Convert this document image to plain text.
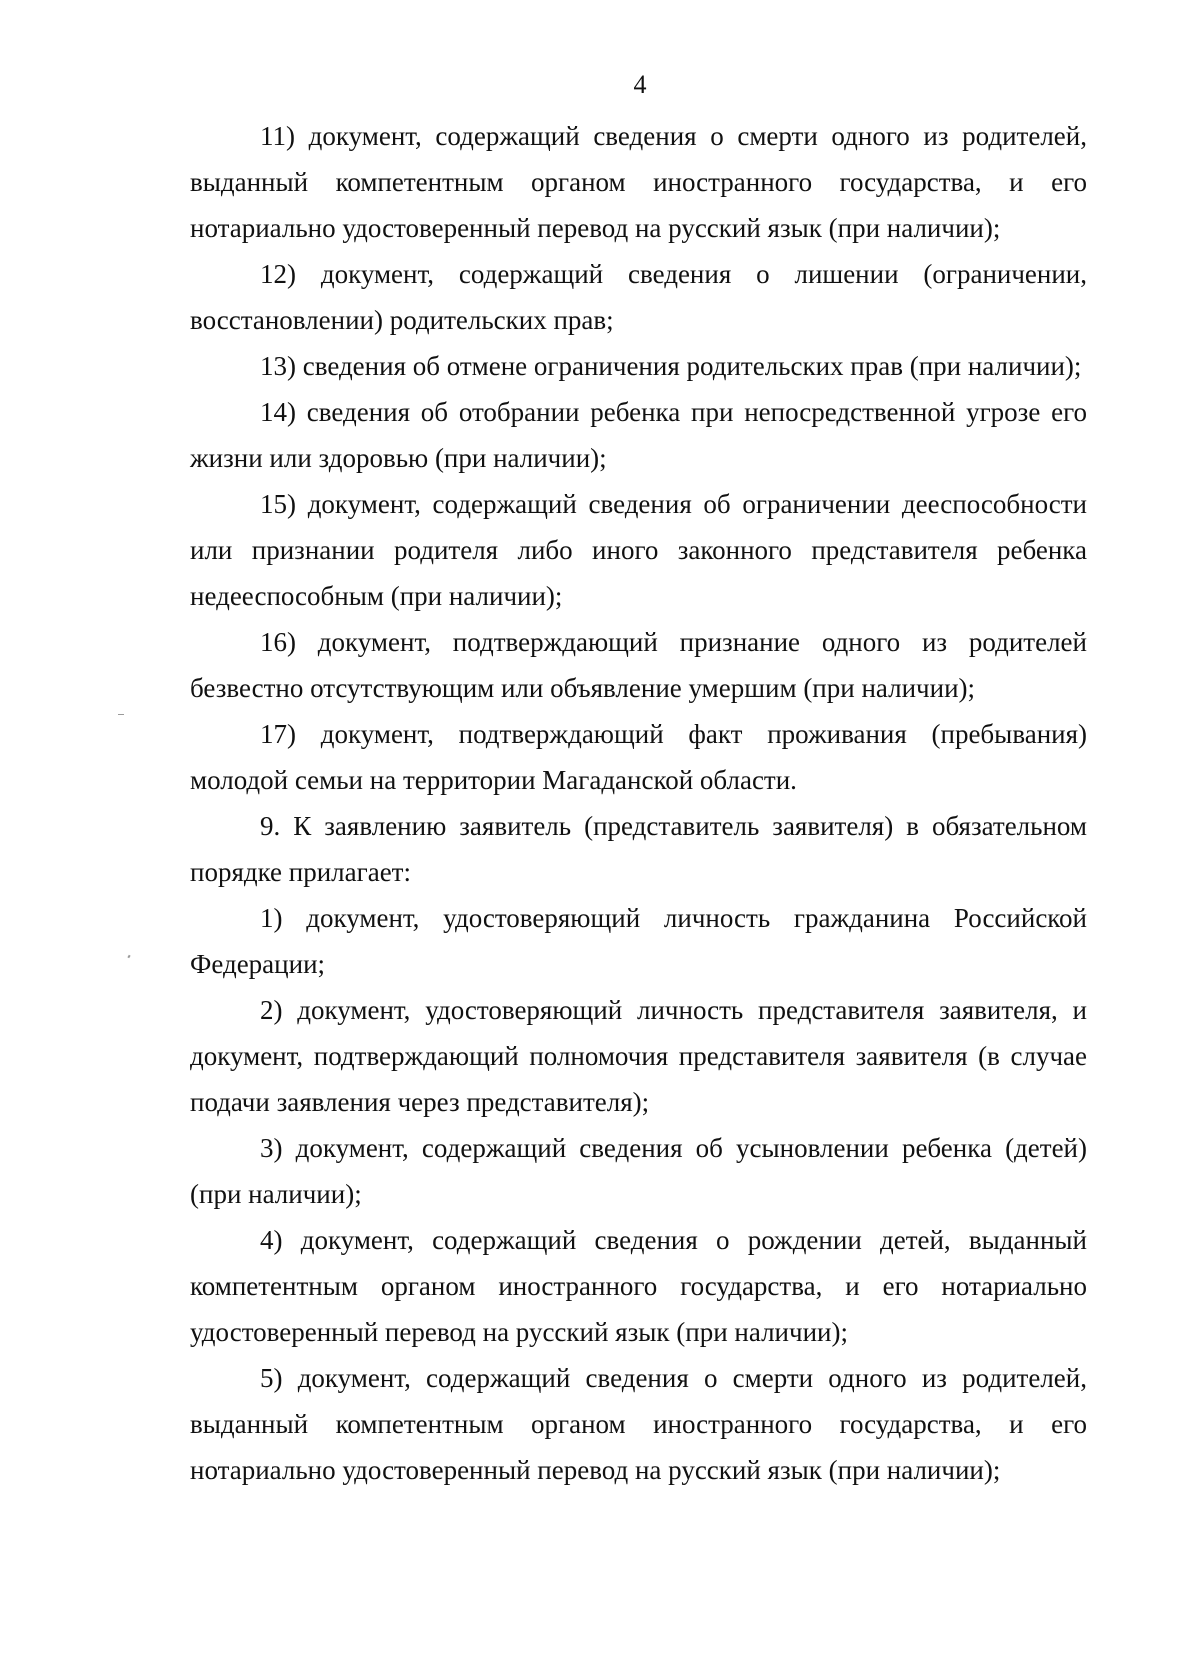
4

11) документ, содержащий сведения о смерти одного из родителей, выданный компетентным органом иностранного государства, и его нотариально удостоверенный перевод на русский язык (при наличии);

12) документ, содержащий сведения о лишении (ограничении, восстановлении) родительских прав;

13) сведения об отмене ограничения родительских прав (при наличии);

14) сведения об отобрании ребенка при непосредственной угрозе его жизни или здоровью (при наличии);

15) документ, содержащий сведения об ограничении дееспособности или признании родителя либо иного законного представителя ребенка недееспособным (при наличии);

16) документ, подтверждающий признание одного из родителей безвестно отсутствующим или объявление умершим (при наличии);

17) документ, подтверждающий факт проживания (пребывания) молодой семьи на территории Магаданской области.

9. К заявлению заявитель (представитель заявителя) в обязательном порядке прилагает:

1) документ, удостоверяющий личность гражданина Российской Федерации;

2) документ, удостоверяющий личность представителя заявителя, и документ, подтверждающий полномочия представителя заявителя (в случае подачи заявления через представителя);

3) документ, содержащий сведения об усыновлении ребенка (детей) (при наличии);

4) документ, содержащий сведения о рождении детей, выданный компетентным органом иностранного государства, и его нотариально удостоверенный перевод на русский язык (при наличии);

5) документ, содержащий сведения о смерти одного из родителей, выданный компетентным органом иностранного государства, и его нотариально удостоверенный перевод на русский язык (при наличии);
